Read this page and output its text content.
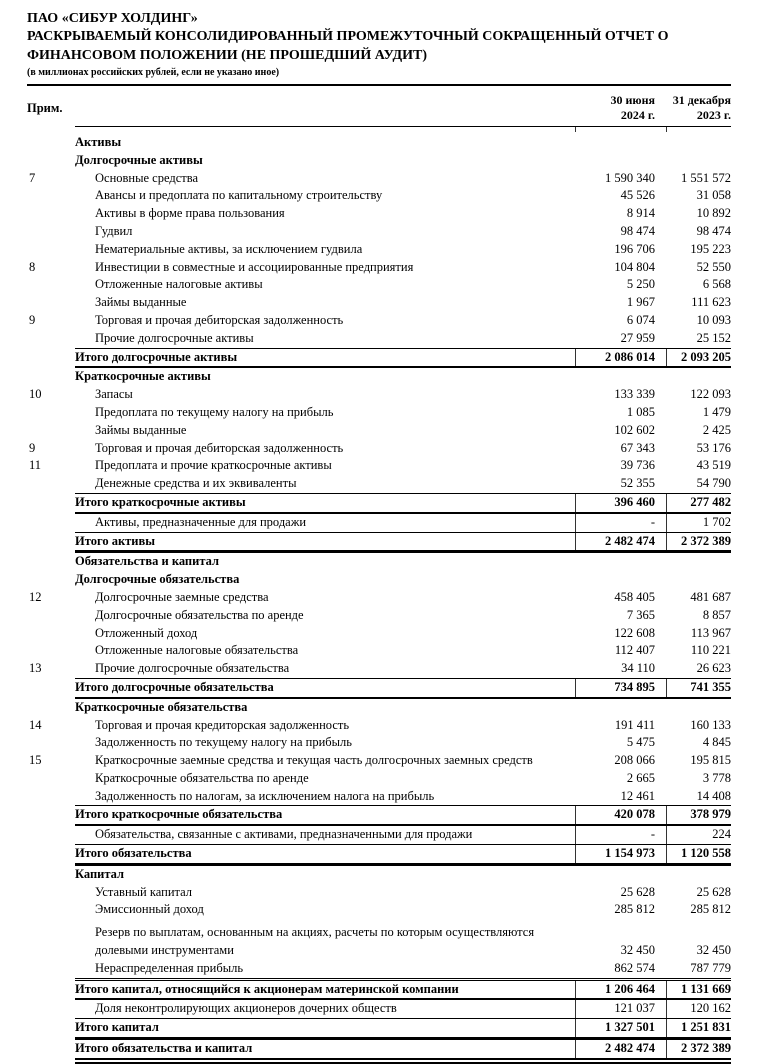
ПАО «СИБУР ХОЛДИНГ»
РАСКРЫВАЕМЫЙ КОНСОЛИДИРОВАННЫЙ ПРОМЕЖУТОЧНЫЙ СОКРАЩЕННЫЙ ОТЧЕТ О
ФИНАНСОВОМ ПОЛОЖЕНИИ (НЕ ПРОШЕДШИЙ АУДИТ)
(в миллионах российских рублей, если не указано иное)
Прим.
30 июня
2024 г.
31 декабря
2023 г.
Активы
Долгосрочные активы
7	Основные средства	1 590 340	1 551 572
Авансы и предоплата по капитальному строительству	45 526	31 058
Активы в форме права пользования	8 914	10 892
Гудвил	98 474	98 474
Нематериальные активы, за исключением гудвила	196 706	195 223
8	Инвестиции в совместные и ассоциированные предприятия	104 804	52 550
Отложенные налоговые активы	5 250	6 568
Займы выданные	1 967	111 623
9	Торговая и прочая дебиторская задолженность	6 074	10 093
Прочие долгосрочные активы	27 959	25 152
Итого долгосрочные активы	2 086 014	2 093 205
Краткосрочные активы
10	Запасы	133 339	122 093
Предоплата по текущему налогу на прибыль	1 085	1 479
Займы выданные	102 602	2 425
9	Торговая и прочая дебиторская задолженность	67 343	53 176
11	Предоплата и прочие краткосрочные активы	39 736	43 519
Денежные средства и их эквиваленты	52 355	54 790
Итого краткосрочные активы	396 460	277 482
Активы, предназначенные для продажи	-	1 702
Итого активы	2 482 474	2 372 389
Обязательства и капитал
Долгосрочные обязательства
12	Долгосрочные заемные средства	458 405	481 687
Долгосрочные обязательства по аренде	7 365	8 857
Отложенный доход	122 608	113 967
Отложенные налоговые обязательства	112 407	110 221
13	Прочие долгосрочные обязательства	34 110	26 623
Итого долгосрочные обязательства	734 895	741 355
Краткосрочные обязательства
14	Торговая и прочая кредиторская задолженность	191 411	160 133
Задолженность по текущему налогу на прибыль	5 475	4 845
15	Краткосрочные заемные средства и текущая часть долгосрочных заемных средств	208 066	195 815
Краткосрочные обязательства по аренде	2 665	3 778
Задолженность по налогам, за исключением налога на прибыль	12 461	14 408
Итого краткосрочные обязательства	420 078	378 979
Обязательства, связанные с активами, предназначенными для продажи	-	224
Итого обязательства	1 154 973	1 120 558
Капитал
Уставный капитал	25 628	25 628
Эмиссионный доход	285 812	285 812
Резерв по выплатам, основанным на акциях, расчеты по которым осуществляются долевыми инструментами	32 450	32 450
Нераспределенная прибыль	862 574	787 779
Итого капитал, относящийся к акционерам материнской компании	1 206 464	1 131 669
Доля неконтролирующих акционеров дочерних обществ	121 037	120 162
Итого капитал	1 327 501	1 251 831
Итого обязательства и капитал	2 482 474	2 372 389
